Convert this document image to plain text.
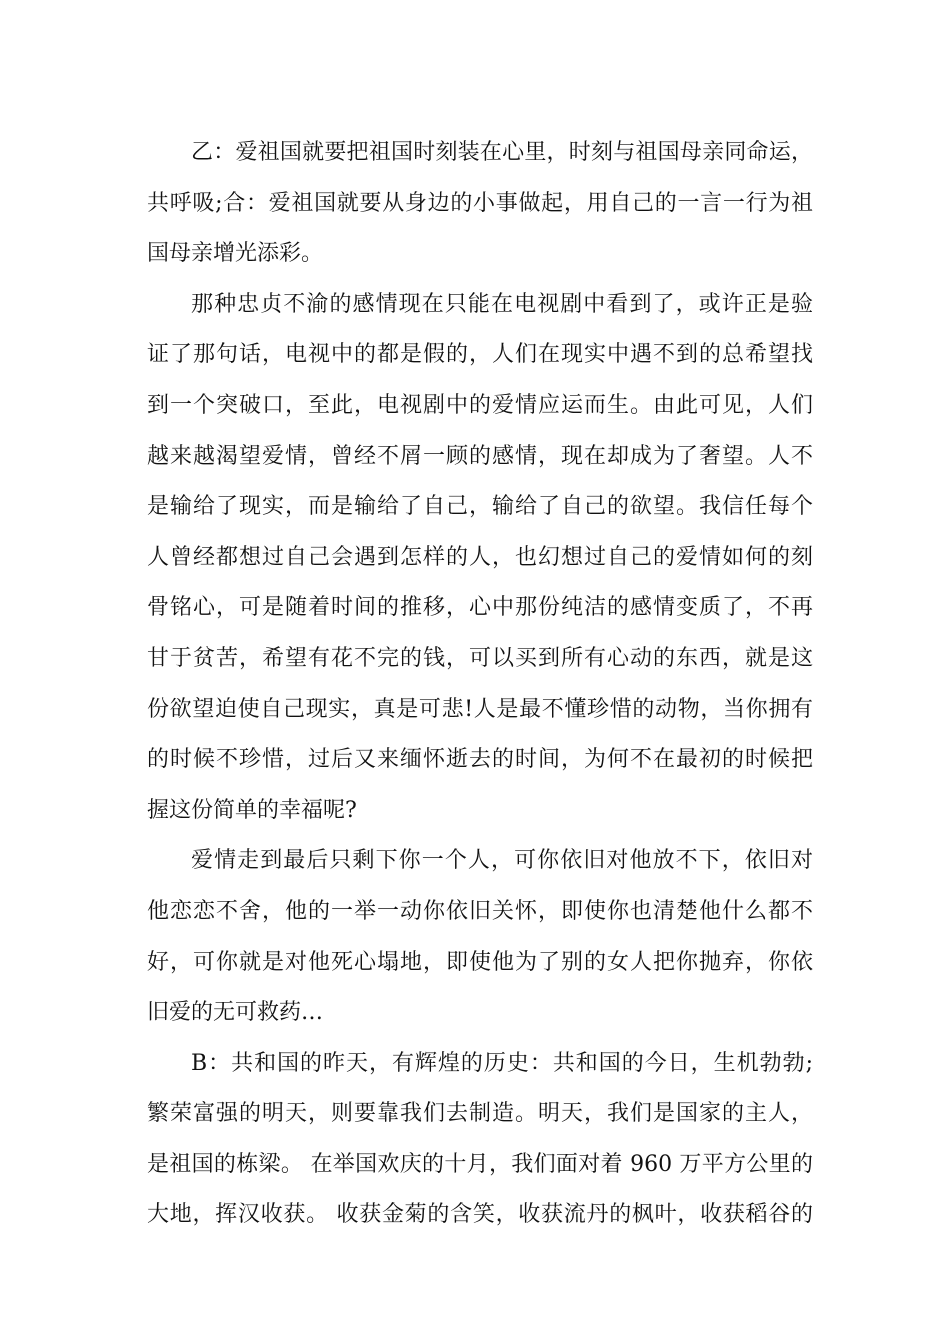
乙：爱祖国就要把祖国时刻装在心里，时刻与祖国母亲同命运，
共呼吸;合：爱祖国就要从身边的小事做起，用自己的一言一行为祖
国母亲增光添彩。
那种忠贞不渝的感情现在只能在电视剧中看到了，或许正是验
证了那句话，电视中的都是假的，人们在现实中遇不到的总希望找
到一个突破口，至此，电视剧中的爱情应运而生。由此可见，人们
越来越渴望爱情，曾经不屑一顾的感情，现在却成为了奢望。人不
是输给了现实，而是输给了自己，输给了自己的欲望。我信任每个
人曾经都想过自己会遇到怎样的人，也幻想过自己的爱情如何的刻
骨铭心，可是随着时间的推移，心中那份纯洁的感情变质了，不再
甘于贫苦，希望有花不完的钱，可以买到所有心动的东西，就是这
份欲望迫使自己现实，真是可悲!人是最不懂珍惜的动物，当你拥有
的时候不珍惜，过后又来缅怀逝去的时间，为何不在最初的时候把
握这份简单的幸福呢?
爱情走到最后只剩下你一个人，可你依旧对他放不下，依旧对
他恋恋不舍，他的一举一动你依旧关怀，即使你也清楚他什么都不
好，可你就是对他死心塌地，即使他为了别的女人把你抛弃，你依
旧爱的无可救药…
B：共和国的昨天，有辉煌的历史：共和国的今日，生机勃勃;
繁荣富强的明天，则要靠我们去制造。明天，我们是国家的主人，
是祖国的栋梁。 在举国欢庆的十月，我们面对着 960 万平方公里的
大地，挥汉收获。 收获金菊的含笑，收获流丹的枫叶，收获稻谷的
